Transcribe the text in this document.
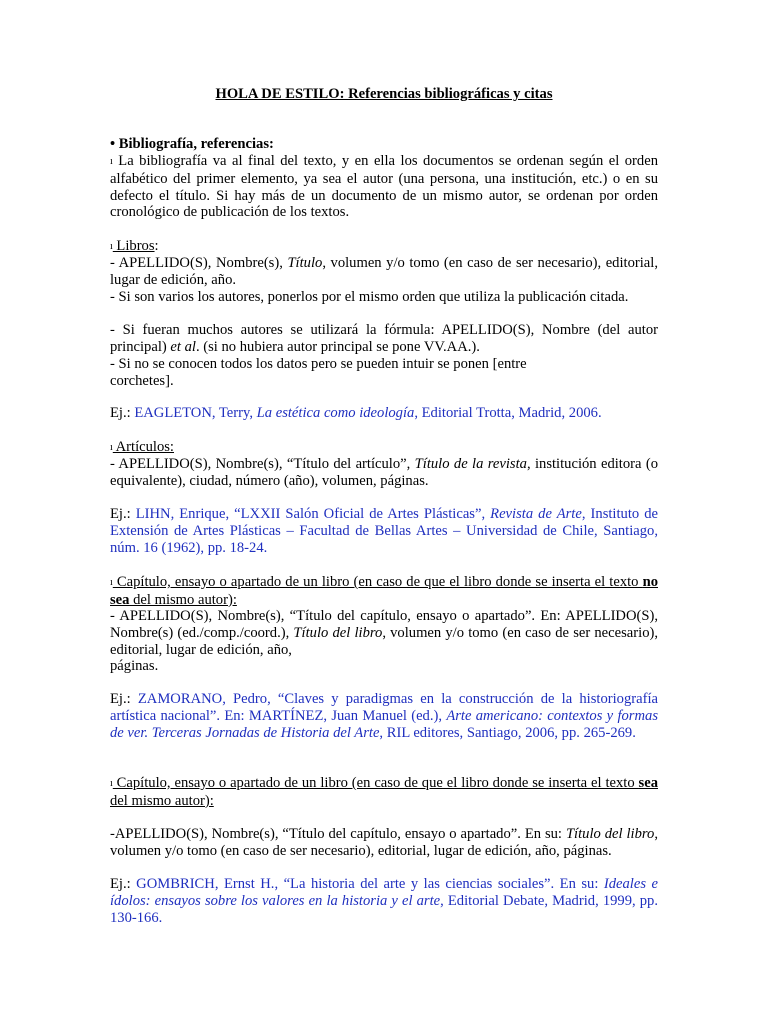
HOLA DE ESTILO: Referencias bibliográficas y citas
• Bibliografía, referencias:

ı La bibliografía va al final del texto, y en ella los documentos se ordenan según el orden alfabético del primer elemento, ya sea el autor (una persona, una institución, etc.) o en su defecto el título. Si hay más de un documento de un mismo autor, se ordenan por orden cronológico de publicación de los textos.

ı Libros:

- APELLIDO(S), Nombre(s), Título, volumen y/o tomo (en caso de ser necesario), editorial, lugar de edición, año.

- Si son varios los autores, ponerlos por el mismo orden que utiliza la publicación citada.

- Si fueran muchos autores se utilizará la fórmula: APELLIDO(S), Nombre (del autor principal) et al. (si no hubiera autor principal se pone VV.AA.).

- Si no se conocen todos los datos pero se pueden intuir se ponen [entre
corchetes].

Ej.: EAGLETON, Terry, La estética como ideología, Editorial Trotta, Madrid, 2006.

ı Artículos:

- APELLIDO(S), Nombre(s), “Título del artículo”, Título de la revista, institución editora (o equivalente), ciudad, número (año), volumen, páginas.

Ej.: LIHN, Enrique, “LXXII Salón Oficial de Artes Plásticas”, Revista de Arte, Instituto de Extensión de Artes Plásticas – Facultad de Bellas Artes – Universidad de Chile, Santiago, núm. 16 (1962), pp. 18-24.

ı Capítulo, ensayo o apartado de un libro (en caso de que el libro donde se inserta el texto no sea del mismo autor):

- APELLIDO(S), Nombre(s), “Título del capítulo, ensayo o apartado”. En: APELLIDO(S), Nombre(s) (ed./comp./coord.), Título del libro, volumen y/o tomo (en caso de ser necesario), editorial, lugar de edición, año,
páginas.

Ej.: ZAMORANO, Pedro, “Claves y paradigmas en la construcción de la historiografía artística nacional”. En: MARTÍNEZ, Juan Manuel (ed.), Arte americano: contextos y formas de ver. Terceras Jornadas de Historia del Arte, RIL editores, Santiago, 2006, pp. 265-269.

ı Capítulo, ensayo o apartado de un libro (en caso de que el libro donde se inserta el texto sea del mismo autor):

-APELLIDO(S), Nombre(s), “Título del capítulo, ensayo o apartado”. En su: Título del libro, volumen y/o tomo (en caso de ser necesario), editorial, lugar de edición, año, páginas.

Ej.: GOMBRICH, Ernst H., “La historia del arte y las ciencias sociales”. En su: Ideales e ídolos: ensayos sobre los valores en la historia y el arte, Editorial Debate, Madrid, 1999, pp. 130-166.
